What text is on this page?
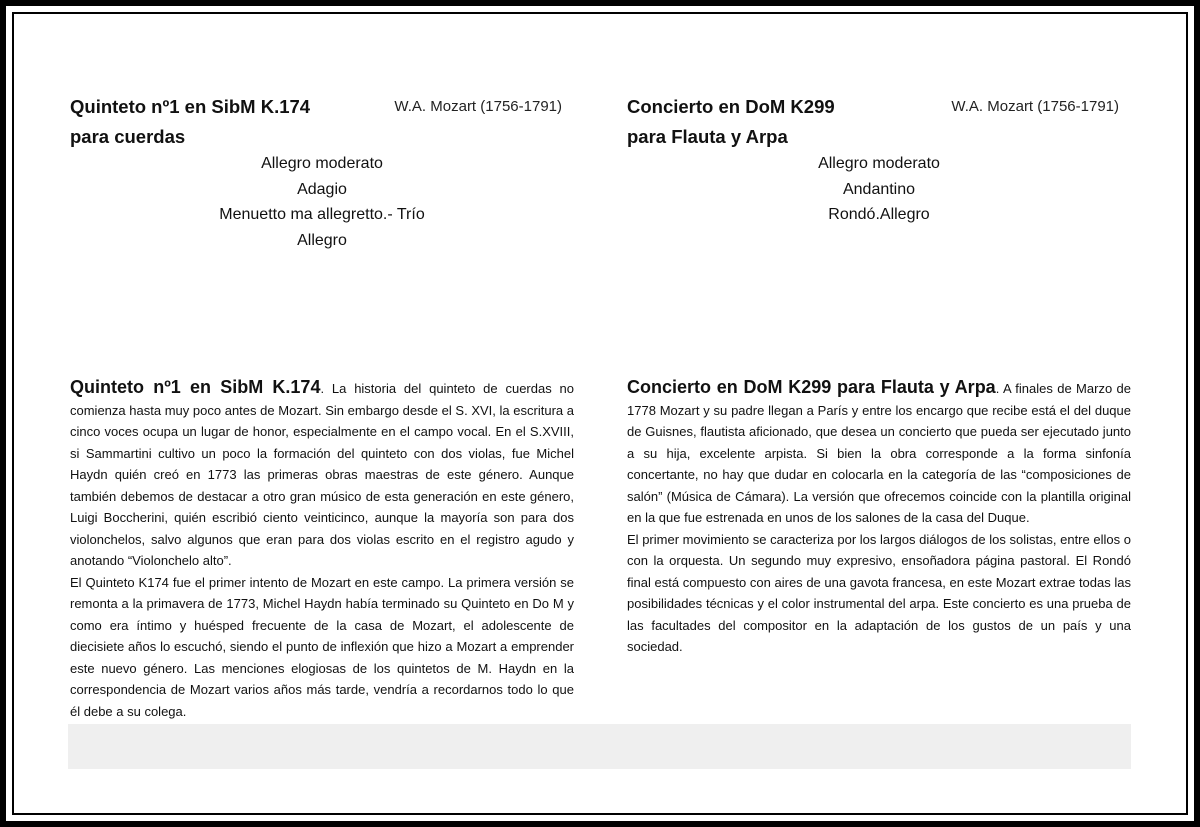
Quinteto nº1 en SibM K.174
para cuerdas
W.A. Mozart (1756-1791)
Allegro moderato
Adagio
Menuetto ma allegretto.- Trío
Allegro

Quinteto nº1 en SibM K.174. La historia del quinteto de cuerdas no comienza hasta muy poco antes de Mozart. Sin embargo desde el S. XVI, la escritura a cinco voces ocupa un lugar de honor, especialmente en el campo vocal. En el S.XVIII, si Sammartini cultivo un poco la formación del quinteto con dos violas, fue Michel Haydn quién creó en 1773 las primeras obras maestras de este género. Aunque también debemos de destacar a otro gran músico de esta generación en este género, Luigi Boccherini, quién escribió ciento veinticinco, aunque la mayoría son para dos violonchelos, salvo algunos que eran para dos violas escrito en el registro agudo y anotando “Violonchelo alto”.

El Quinteto K174 fue el primer intento de Mozart en este campo. La primera versión se remonta a la primavera de 1773, Michel Haydn había terminado su Quinteto en Do M y como era íntimo y huésped frecuente de la casa de Mozart, el adolescente de diecisiete años lo escuchó, siendo el punto de inflexión que hizo a Mozart a emprender este nuevo género. Las menciones elogiosas de los quintetos de M. Haydn en la correspondencia de Mozart varios años más tarde, vendría a recordarnos todo lo que él debe a su colega.

Concierto en DoM K299
para Flauta y Arpa
W.A. Mozart (1756-1791)
Allegro moderato
Andantino
Rondó.Allegro

Concierto en DoM K299 para Flauta y Arpa. A finales de Marzo de 1778 Mozart y su padre llegan a París y entre los encargo que recibe está el del duque de Guisnes, flautista aficionado, que desea un concierto que pueda ser ejecutado junto a su hija, excelente arpista. Si bien la obra corresponde a la forma sinfonía concertante, no hay que dudar en colocarla en la categoría de las “composiciones de salón” (Música de Cámara). La versión que ofrecemos coincide con la plantilla original en la que fue estrenada en unos de los salones de la casa del Duque.

El primer movimiento se caracteriza por los largos diálogos de los solistas, entre ellos o con la orquesta. Un segundo muy expresivo, ensoñadora página pastoral. El Rondó final está compuesto con aires de una gavota francesa, en este Mozart extrae todas las posibilidades técnicas y el color instrumental del arpa. Este concierto es una prueba de las facultades del compositor en la adaptación de los gustos de un país y una sociedad.
